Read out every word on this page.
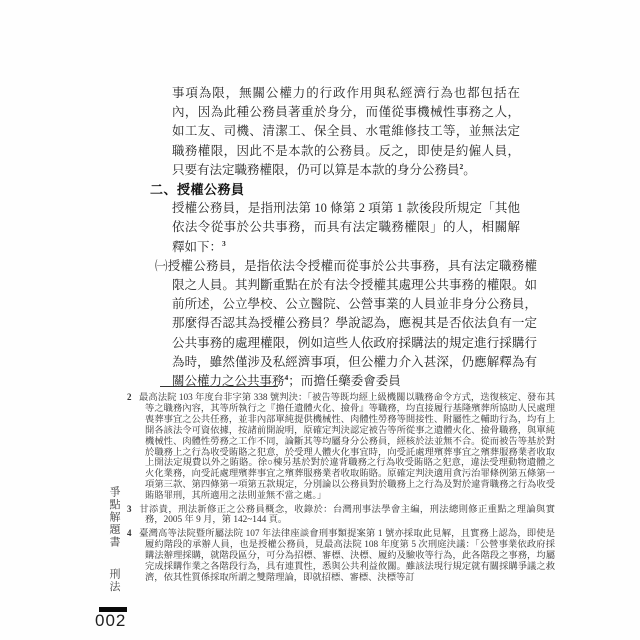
事項為限，無關公權力的行政作用與私經濟行為也都包括在內，因為此種公務員著重於身分，而僅從事機械性事務之人，如工友、司機、清潔工、保全員、水電維修技工等，並無法定職務權限，因此不是本款的公務員。反之，即使是約僱人員，只要有法定職務權限，仍可以算是本款的身分公務員$^2$。

二、授權公務員

授權公務員，是指刑法第 10 條第 2 項第 1 款後段所規定「其他依法令從事於公共事務，而具有法定職務權限」的人，相關解釋如下：$^3$

㈠授權公務員，是指依法令授權而從事於公共事務，具有法定職務權限之人員。其判斷重點在於有法令授權其處理公共事務的權限。如前所述，公立學校、公立醫院、公營事業的人員並非身分公務員，那麼得否認其為授權公務員？學說認為，應視其是否依法負有一定公共事務的處理權限，例如這些人依政府採購法的規定進行採購行為時，雖然僅涉及私經濟事項，但公權力介入甚深，仍應解釋為有關公權力之公共事務$^4$；而擔任藥委會委員

2 最高法院 103 年度台非字第 338 號判決：「被告等既均經上級機關以職務命令方式，迭復核定、發布其等之職務內容，其等所執行之『擔任遺體火化、撿骨』等職務，均直接履行基隆殯葬所協助人民處理喪葬事宜之公共任務，並非內部單純提供機械性、肉體性勞務等間接性、附屬性之輔助行為，均有上開各該法令可資依據，按諸前開說明，原確定判決認定被告等所從事之遺體火化、撿骨職務，與單純機械性、肉體性勞務之工作不同，論斷其等均屬身分公務員，經核於法並無不合。從而被告等基於對於職務上之行為收受賄賂之犯意，於受理人體火化事宜時，向受託處理殯葬事宜之殯葬服務業者收取上開法定規費以外之賄賂。徐○棟另基於對於違背職務之行為收受賄賂之犯意，違法受理動物遺體之火化業務，向受託處理殯葬事宜之殯葬服務業者收取賄賂。原確定判決適用貪污治罪條例第五條第一項第三款、第四條第一項第五款規定，分別論以公務員對於職務上之行為及對於違背職務之行為收受賄賂罪刑，其所適用之法則並無不當之處。」

3 甘添貴，刑法新修正之公務員概念，收錄於：台灣刑事法學會主編，刑法總則修正重點之理論與實務，2005 年 9 月，第 142~144 頁。

4 臺灣高等法院暨所屬法院 107 年法律座談會刑事類提案第 1 號亦採取此見解，且實務上認為，即使是履約階段的承辦人員，也是授權公務員，見最高法院 108 年度第 5 次刑庭決議：「公營事業依政府採購法辦理採購，就階段區分，可分為招標、審標、決標、履約及驗收等行為，此各階段之事務，均屬完成採購作業之各階段行為，具有連貫性，悉與公共利益攸關。雖該法現行規定就有關採購爭議之救濟，依其性質係採取所謂之雙階理論，即就招標、審標、決標等訂

爭點解題書
刑法
002
